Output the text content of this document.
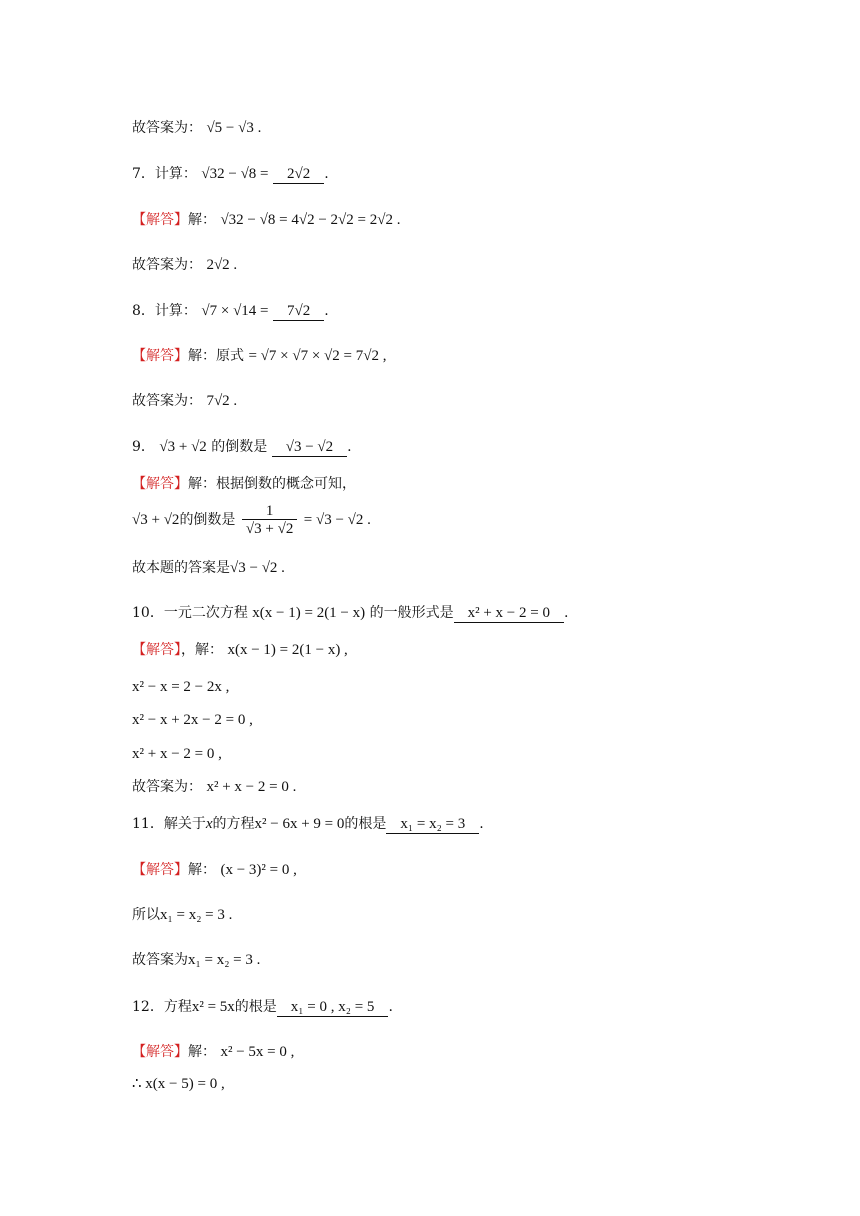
故答案为： √5 − √3 .
7．计算： √32 − √8 = 2√2 .
【解答】解： √32 − √8 = 4√2 − 2√2 = 2√2 .
故答案为： 2√2 .
8．计算： √7 × √14 = 7√2 .
【解答】解：原式 = √7 × √7 × √2 = 7√2 ,
故答案为： 7√2 .
9． √3 + √2 的倒数是 √3 − √2 .
【解答】解：根据倒数的概念可知，
√3 + √2的倒数是 $\frac{1}{√3 + √2} = √3 - √2$ .
故本题的答案是√3 − √2 .
10．一元二次方程 x(x − 1) = 2(1 − x) 的一般形式是 x² + x − 2 = 0 .
【解答】，解： x(x − 1) = 2(1 − x) ,
x² − x = 2 − 2x ,
x² − x + 2x − 2 = 0 ,
x² + x − 2 = 0 ,
故答案为： x² + x − 2 = 0 .
11．解关于x的方程x² − 6x + 9 = 0的根是 x₁ = x₂ = 3 .
【解答】解： (x − 3)² = 0 ,
所以x₁ = x₂ = 3 .
故答案为x₁ = x₂ = 3 .
12．方程x² = 5x的根是 x₁ = 0 , x₂ = 5 .
【解答】解： x² − 5x = 0 ,
∴ x(x − 5) = 0 ,
